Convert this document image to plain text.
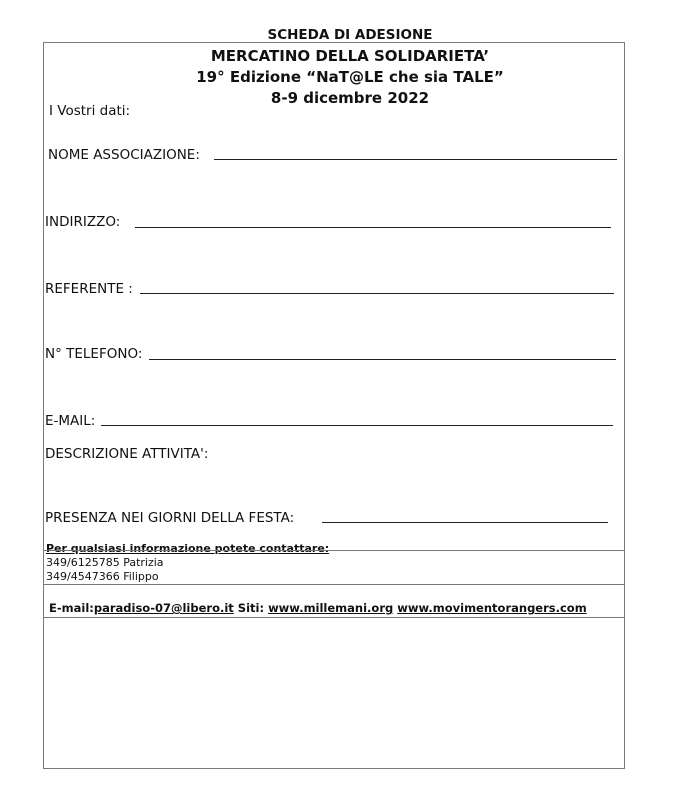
SCHEDA DI ADESIONE
MERCATINO DELLA SOLIDARIETA’
19° Edizione “NaT@LE che sia TALE”
8-9 dicembre 2022
I Vostri dati:
NOME ASSOCIAZIONE:
INDIRIZZO:
REFERENTE :
N° TELEFONO:
E-MAIL:
DESCRIZIONE ATTIVITA':
PRESENZA NEI GIORNI DELLA FESTA:
Per qualsiasi informazione potete contattare:
349/6125785 Patrizia
349/4547366 Filippo
E-mail:paradiso-07@libero.it Siti: www.millemani.org www.movimentorangers.com
